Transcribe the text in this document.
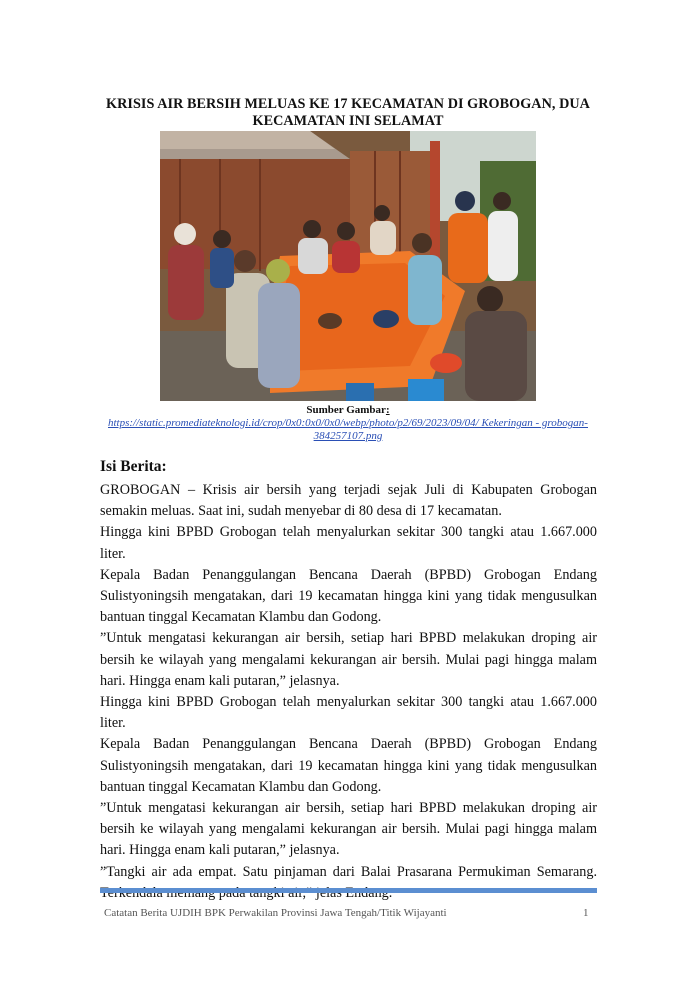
KRISIS AIR BERSIH MELUAS KE 17 KECAMATAN DI GROBOGAN, DUA KECAMATAN INI SELAMAT
Sumber Gambar:
https://static.promediateknologi.id/crop/0x0:0x0/0x0/webp/photo/p2/69/2023/09/04/ Kekeringan - grobogan-384257107.png
Isi Berita:

GROBOGAN – Krisis air bersih yang terjadi sejak Juli di Kabupaten Grobogan semakin meluas. Saat ini, sudah menyebar di 80 desa di 17 kecamatan.

Hingga kini BPBD Grobogan telah menyalurkan sekitar 300 tangki atau 1.667.000 liter.

Kepala Badan Penanggulangan Bencana Daerah (BPBD) Grobogan Endang Sulistyoningsih mengatakan, dari 19 kecamatan hingga kini yang tidak mengusulkan bantuan tinggal Kecamatan Klambu dan Godong.

”Untuk mengatasi kekurangan air bersih, setiap hari BPBD melakukan droping air bersih ke wilayah yang mengalami kekurangan air bersih. Mulai pagi hingga malam hari. Hingga enam kali putaran,” jelasnya.

Hingga kini BPBD Grobogan telah menyalurkan sekitar 300 tangki atau 1.667.000 liter.

Kepala Badan Penanggulangan Bencana Daerah (BPBD) Grobogan Endang Sulistyoningsih mengatakan, dari 19 kecamatan hingga kini yang tidak mengusulkan bantuan tinggal Kecamatan Klambu dan Godong.

”Untuk mengatasi kekurangan air bersih, setiap hari BPBD melakukan droping air bersih ke wilayah yang mengalami kekurangan air bersih. Mulai pagi hingga malam hari. Hingga enam kali putaran,” jelasnya.

”Tangki air ada empat. Satu pinjaman dari Balai Prasarana Permukiman Semarang.

Catatan Berita UJDIH BPK Perwakilan Provinsi Jawa Tengah/Titik Wijayanti	1
